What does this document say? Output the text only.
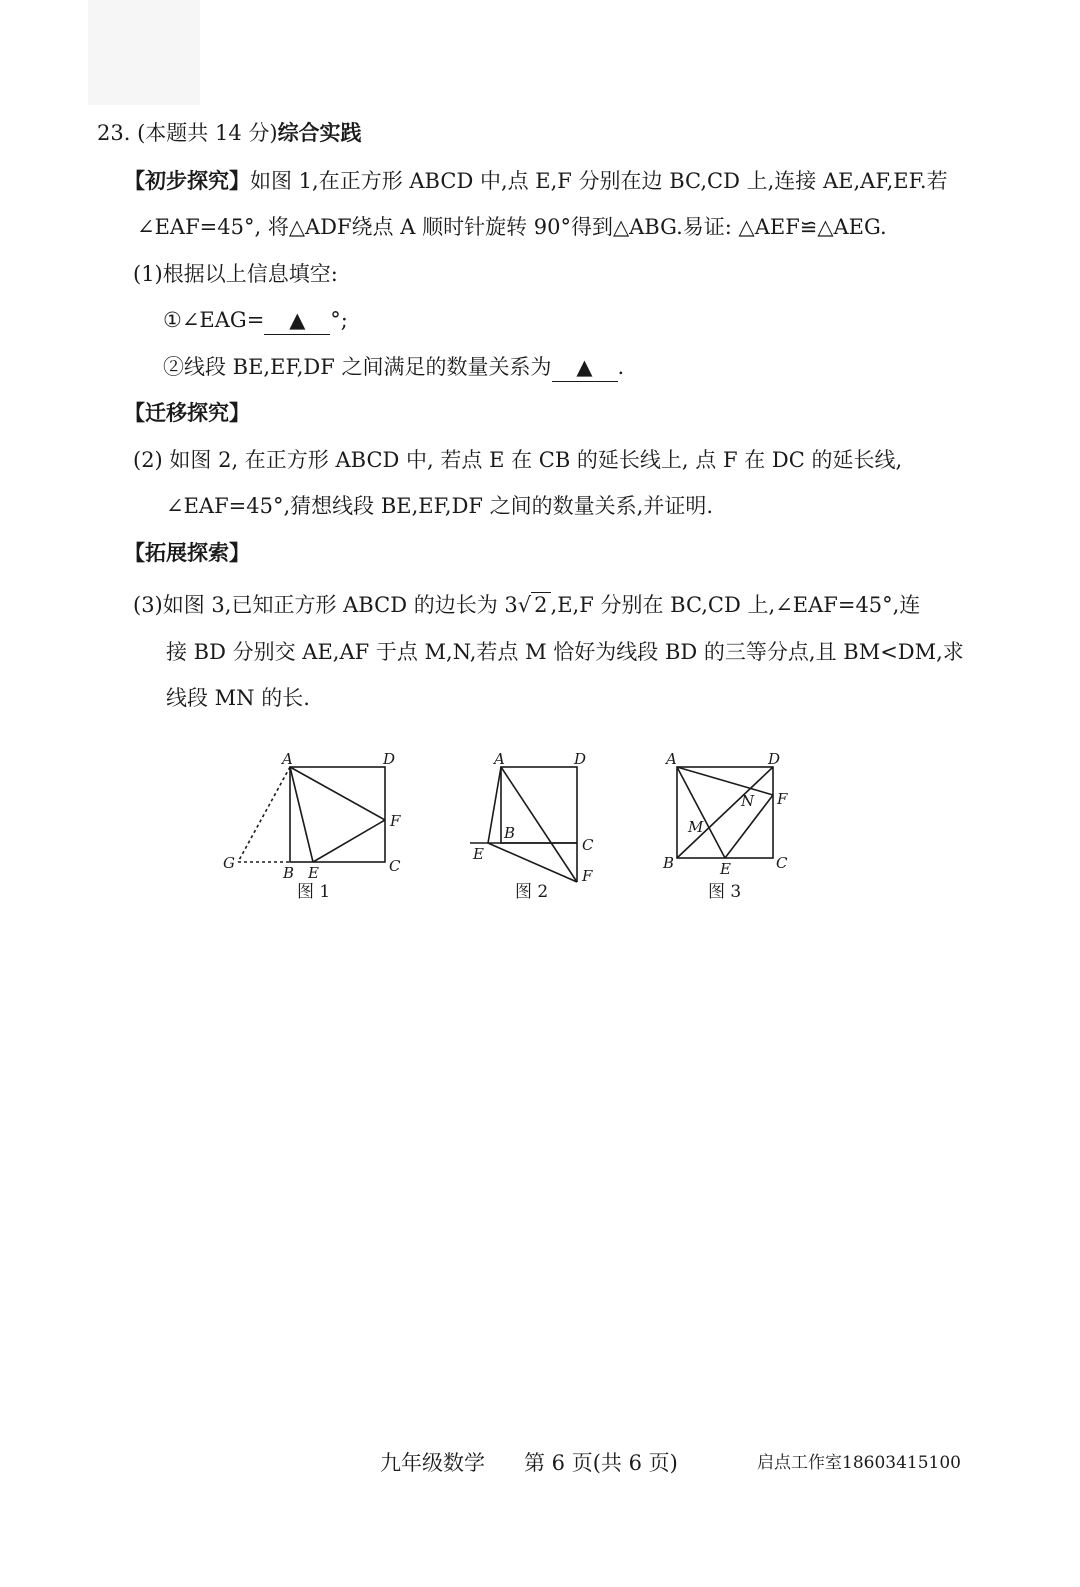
23. (本题共 14 分)综合实践
【初步探究】如图 1,在正方形 ABCD 中,点 E,F 分别在边 BC,CD 上,连接 AE,AF,EF.若
∠EAF=45°, 将△ADF绕点 A 顺时针旋转 90°得到△ABG.易证: △AEF≌△AEG.
(1)根据以上信息填空:
①∠EAG= ▲ °;
②线段 BE,EF,DF 之间满足的数量关系为 ▲ .
【迁移探究】
(2) 如图 2, 在正方形 ABCD 中, 若点 E 在 CB 的延长线上, 点 F 在 DC 的延长线,
∠EAF=45°,猜想线段 BE,EF,DF 之间的数量关系,并证明.
【拓展探索】
(3)如图 3,已知正方形 ABCD 的边长为 3√ 2 ,E,F 分别在 BC,CD 上,∠EAF=45°,连
接 BD 分别交 AE,AF 于点 M,N,若点 M 恰好为线段 BD 的三等分点,且 BM<DM,求
线段 MN 的长.
A	D
F
G
B E	C
图 1
A	D
B
C
E
F
图 2
A	D
N F
M
B	E	C
图 3
九年级数学 第 6 页(共 6 页)	启点工作室18603415100
